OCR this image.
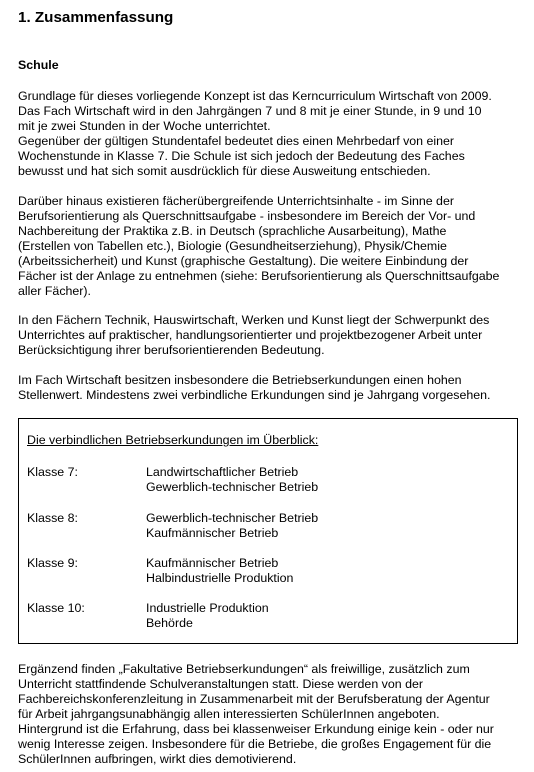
1. Zusammenfassung
Schule

Grundlage für dieses vorliegende Konzept ist das Kerncurriculum Wirtschaft von 2009.
Das Fach Wirtschaft wird in den Jahrgängen 7 und 8 mit je einer Stunde, in 9 und 10
mit je zwei Stunden in der Woche unterrichtet.
Gegenüber der gültigen Stundentafel bedeutet dies einen Mehrbedarf von einer
Wochenstunde in Klasse 7. Die Schule ist sich jedoch der Bedeutung des Faches
bewusst und hat sich somit ausdrücklich für diese Ausweitung entschieden.

Darüber hinaus existieren fächerübergreifende Unterrichtsinhalte - im Sinne der
Berufsorientierung als Querschnittsaufgabe - insbesondere im Bereich der Vor- und
Nachbereitung der Praktika z.B. in Deutsch (sprachliche Ausarbeitung), Mathe
(Erstellen von Tabellen etc.), Biologie (Gesundheitserziehung), Physik/Chemie
(Arbeitssicherheit) und Kunst (graphische Gestaltung). Die weitere Einbindung der
Fächer ist der Anlage zu entnehmen (siehe: Berufsorientierung als Querschnittsaufgabe
aller Fächer).

In den Fächern Technik, Hauswirtschaft, Werken und Kunst liegt der Schwerpunkt des
Unterrichtes auf praktischer, handlungsorientierter und projektbezogener Arbeit unter
Berücksichtigung ihrer berufsorientierenden Bedeutung.

Im Fach Wirtschaft besitzen insbesondere die Betriebserkundungen einen hohen
Stellenwert. Mindestens zwei verbindliche Erkundungen sind je Jahrgang vorgesehen.

Die verbindlichen Betriebserkundungen im Überblick:
Klasse 7:	Landwirtschaftlicher Betrieb
Gewerblich-technischer Betrieb
Klasse 8:	Gewerblich-technischer Betrieb
Kaufmännischer Betrieb
Klasse 9:	Kaufmännischer Betrieb
Halbindustrielle Produktion
Klasse 10:	Industrielle Produktion
Behörde

Ergänzend finden „Fakultative Betriebserkundungen“ als freiwillige, zusätzlich zum
Unterricht stattfindende Schulveranstaltungen statt. Diese werden von der
Fachbereichskonferenzleitung in Zusammenarbeit mit der Berufsberatung der Agentur
für Arbeit jahrgangsunabhängig allen interessierten SchülerInnen angeboten.
Hintergrund ist die Erfahrung, dass bei klassenweiser Erkundung einige kein - oder nur
wenig Interesse zeigen. Insbesondere für die Betriebe, die großes Engagement für die
SchülerInnen aufbringen, wirkt dies demotivierend.
